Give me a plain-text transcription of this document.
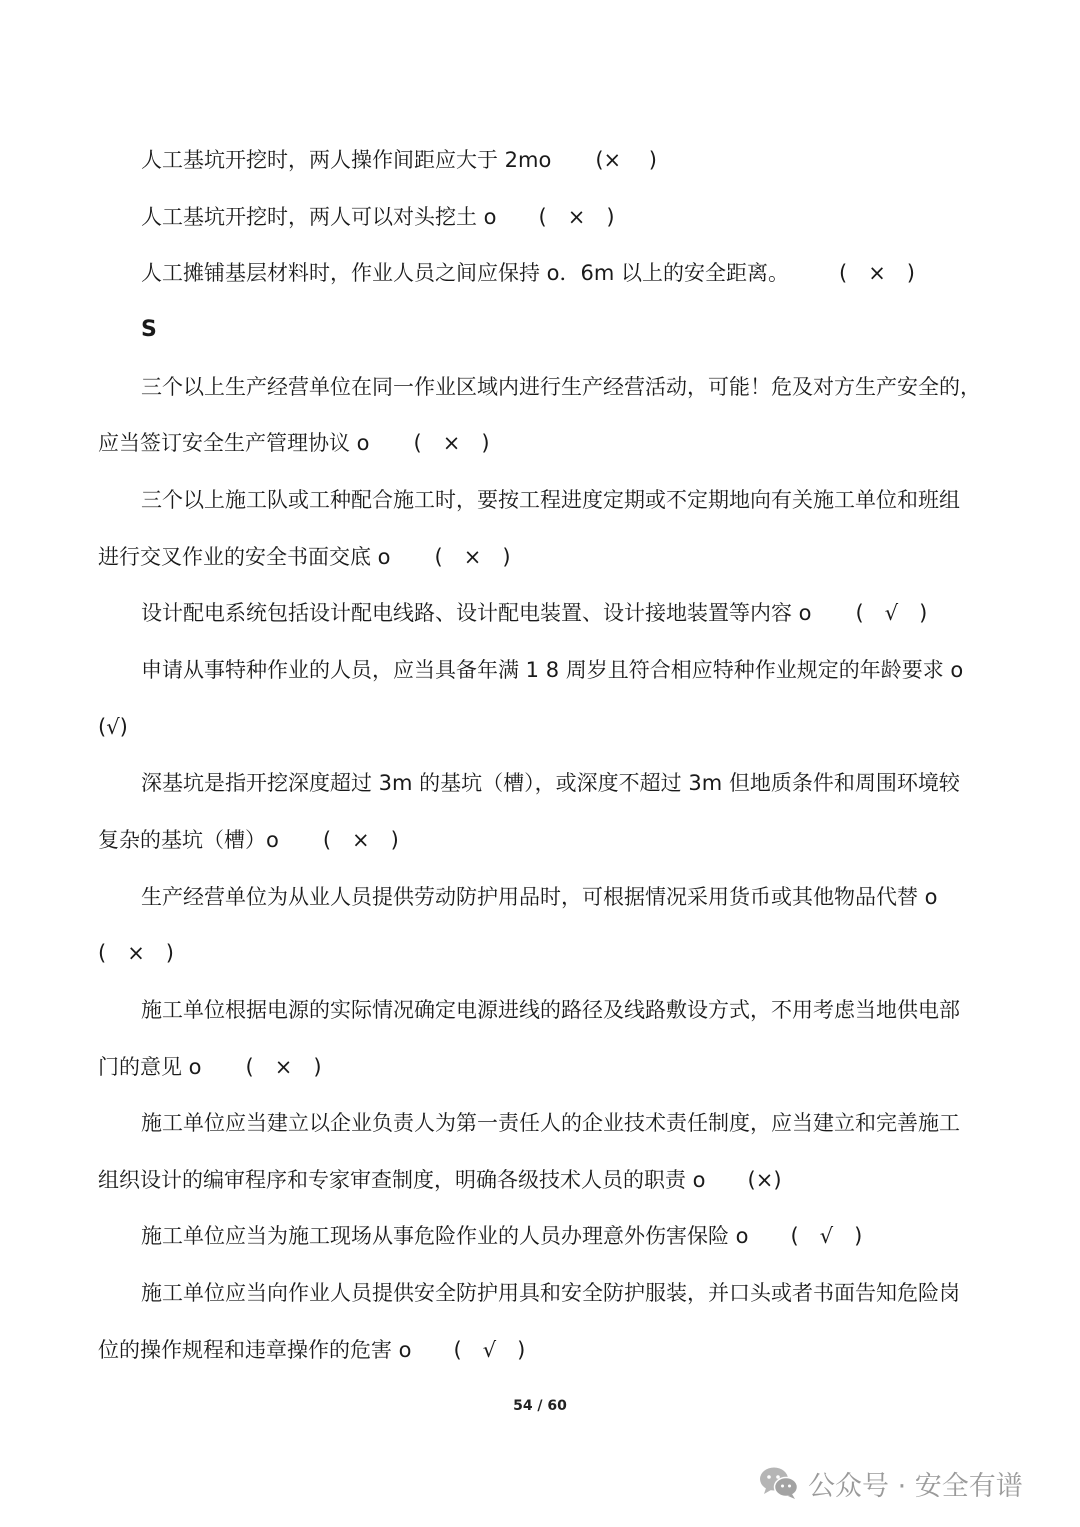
人工基坑开挖时，两人操作间距应大于 2mo (×　 )
人工基坑开挖时，两人可以对头挖土 o (　×　)
人工摊铺基层材料时，作业人员之间应保持 o．6m 以上的安全距离。 (　×　)
S
三个以上生产经营单位在同一作业区域内进行生产经营活动，可能！危及对方生产安全的，
应当签订安全生产管理协议 o (　×　)
三个以上施工队或工种配合施工时，要按工程进度定期或不定期地向有关施工单位和班组
进行交叉作业的安全书面交底 o (　×　)
设计配电系统包括设计配电线路、设计配电装置、设计接地装置等内容 o (　√　)
申请从事特种作业的人员，应当具备年满 1 8 周岁且符合相应特种作业规定的年龄要求 o
(√)
深基坑是指开挖深度超过 3m 的基坑（槽），或深度不超过 3m 但地质条件和周围环境较
复杂的基坑（槽）o (　×　)
生产经营单位为从业人员提供劳动防护用品时，可根据情况采用货币或其他物品代替 o
(　×　)
施工单位根据电源的实际情况确定电源进线的路径及线路敷设方式，不用考虑当地供电部
门的意见 o (　×　)
施工单位应当建立以企业负责人为第一责任人的企业技术责任制度，应当建立和完善施工
组织设计的编审程序和专家审查制度，明确各级技术人员的职责 o (×)
施工单位应当为施工现场从事危险作业的人员办理意外伤害保险 o (　√　)
施工单位应当向作业人员提供安全防护用具和安全防护服装，并口头或者书面告知危险岗
位的操作规程和违章操作的危害 o (　√　)
54 / 60
公众号 · 安全有谱
